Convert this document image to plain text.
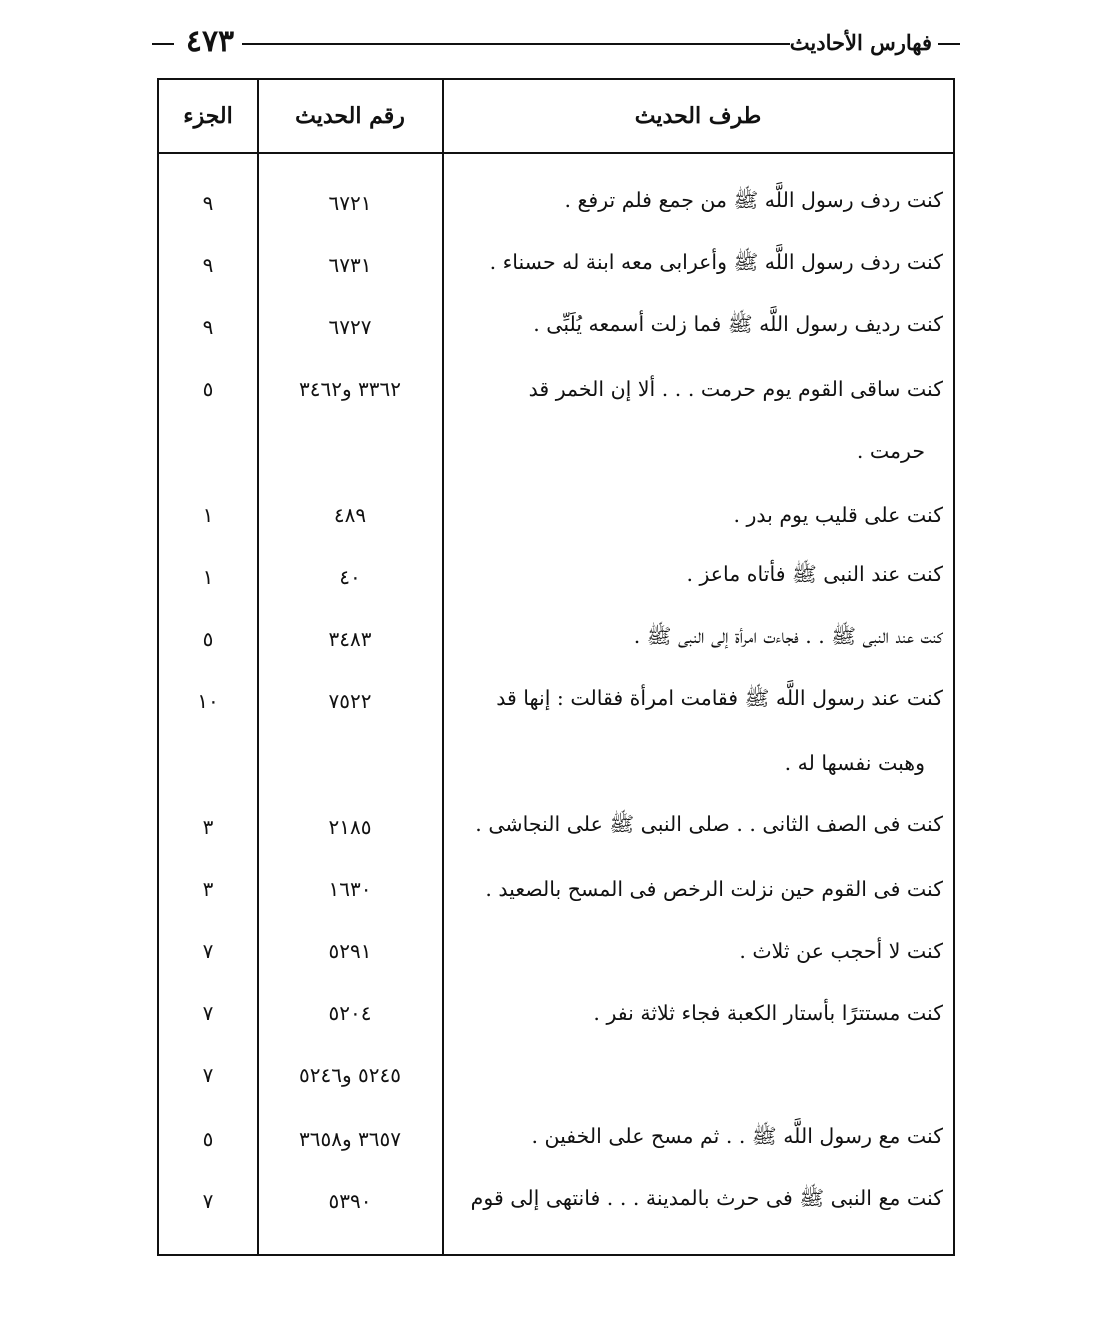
٤٧٣	فهارس الأحاديث
طرف الحديث
رقم الحديث
الجزء
كنت ردف رسول اللَّه ﷺ من جمع فلم ترفع .
٦٧٢١
٩
كنت ردف رسول اللَّه ﷺ وأعرابى معه ابنة له حسناء .
٦٧٣١
٩
كنت رديف رسول اللَّه ﷺ فما زلت أسمعه يُلَبِّى .
٦٧٢٧
٩
كنت ساقى القوم يوم حرمت . . . ألا إن الخمر قد
٣٣٦٢ و٣٤٦٢
٥
حرمت .
كنت على قليب يوم بدر .
٤٨٩
١
كنت عند النبى ﷺ فأتاه ماعز .
٤٠
١
كنت عند النبى ﷺ . . فجاءت امرأة إلى النبى ﷺ .
٣٤٨٣
٥
كنت عند رسول اللَّه ﷺ فقامت امرأة فقالت : إنها قد
٧٥٢٢
١٠
وهبت نفسها له .
كنت فى الصف الثانى . . صلى النبى ﷺ على النجاشى .
٢١٨٥
٣
كنت فى القوم حين نزلت الرخص فى المسح بالصعيد .
١٦٣٠
٣
كنت لا أحجب عن ثلاث .
٥٢٩١
٧
كنت مستترًا بأستار الكعبة فجاء ثلاثة نفر .
٥٢٠٤
٧
٥٢٤٥ و٥٢٤٦
٧
كنت مع رسول اللَّه ﷺ . . ثم مسح على الخفين .
٣٦٥٧ و٣٦٥٨
٥
كنت مع النبى ﷺ فى حرث بالمدينة . . . فانتهى إلى قوم
٥٣٩٠
٧
